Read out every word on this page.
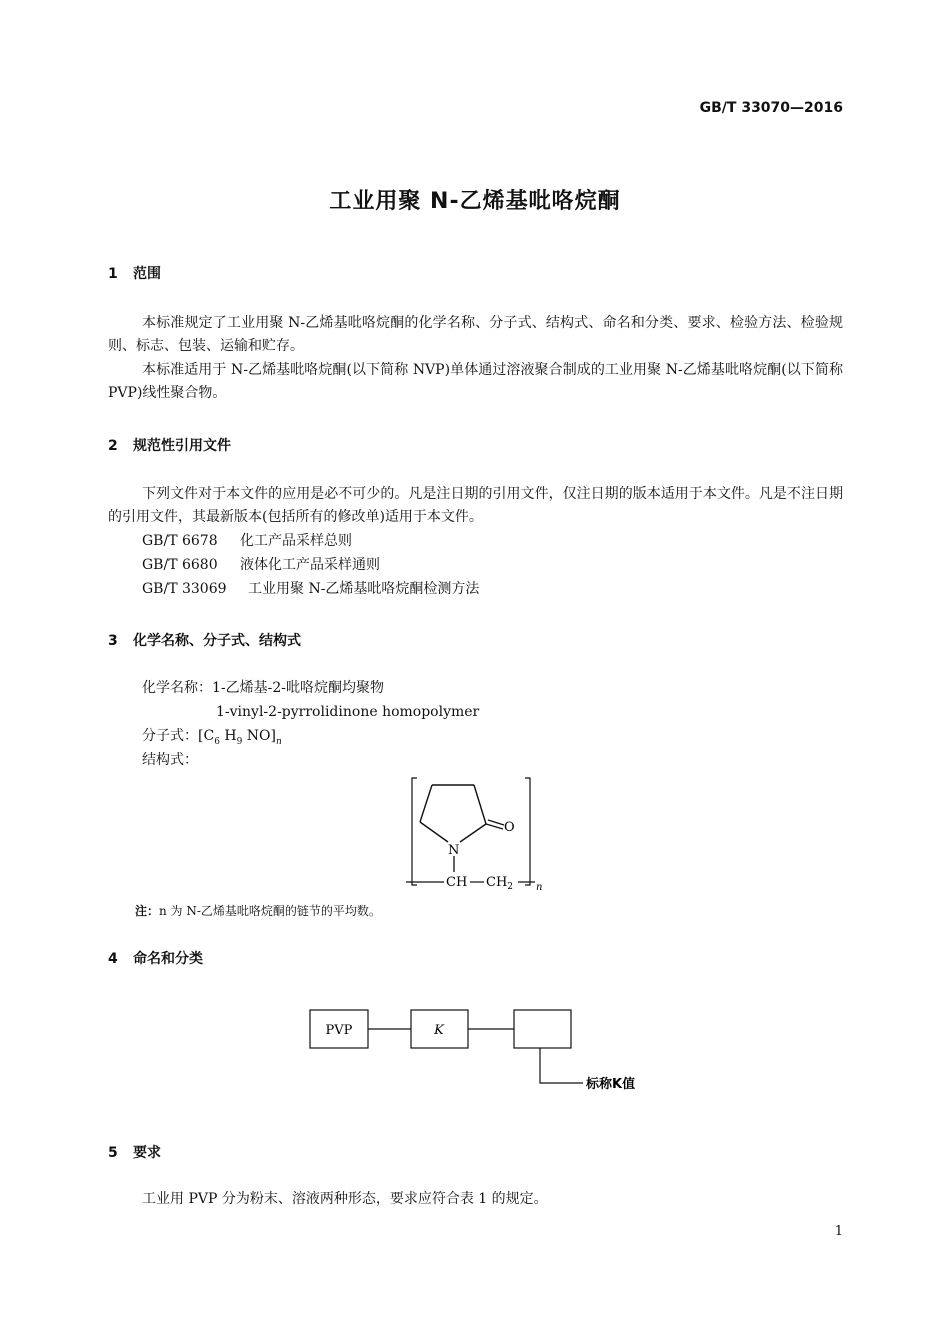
GB/T 33070—2016
工业用聚 N-乙烯基吡咯烷酮
1 范围
本标准规定了工业用聚 N-乙烯基吡咯烷酮的化学名称、分子式、结构式、命名和分类、要求、检验方法、检验规则、标志、包装、运输和贮存。
本标准适用于 N-乙烯基吡咯烷酮(以下简称 NVP)单体通过溶液聚合制成的工业用聚 N-乙烯基吡咯烷酮(以下简称 PVP)线性聚合物。
2 规范性引用文件
下列文件对于本文件的应用是必不可少的。凡是注日期的引用文件，仅注日期的版本适用于本文件。凡是不注日期的引用文件，其最新版本(包括所有的修改单)适用于本文件。
GB/T 6678 化工产品采样总则
GB/T 6680 液体化工产品采样通则
GB/T 33069 工业用聚 N-乙烯基吡咯烷酮检测方法
3 化学名称、分子式、结构式
化学名称：1-乙烯基-2-吡咯烷酮均聚物
1-vinyl-2-pyrrolidinone homopolymer
分子式：[$C_6$ $H_9$ $NO]_n$
结构式：
O
N
CH $CH_2$ n
注：n 为 N-乙烯基吡咯烷酮的链节的平均数。
4 命名和分类
PVP	K
标称K值
5 要求
工业用 PVP 分为粉末、溶液两种形态，要求应符合表 1 的规定。
1
